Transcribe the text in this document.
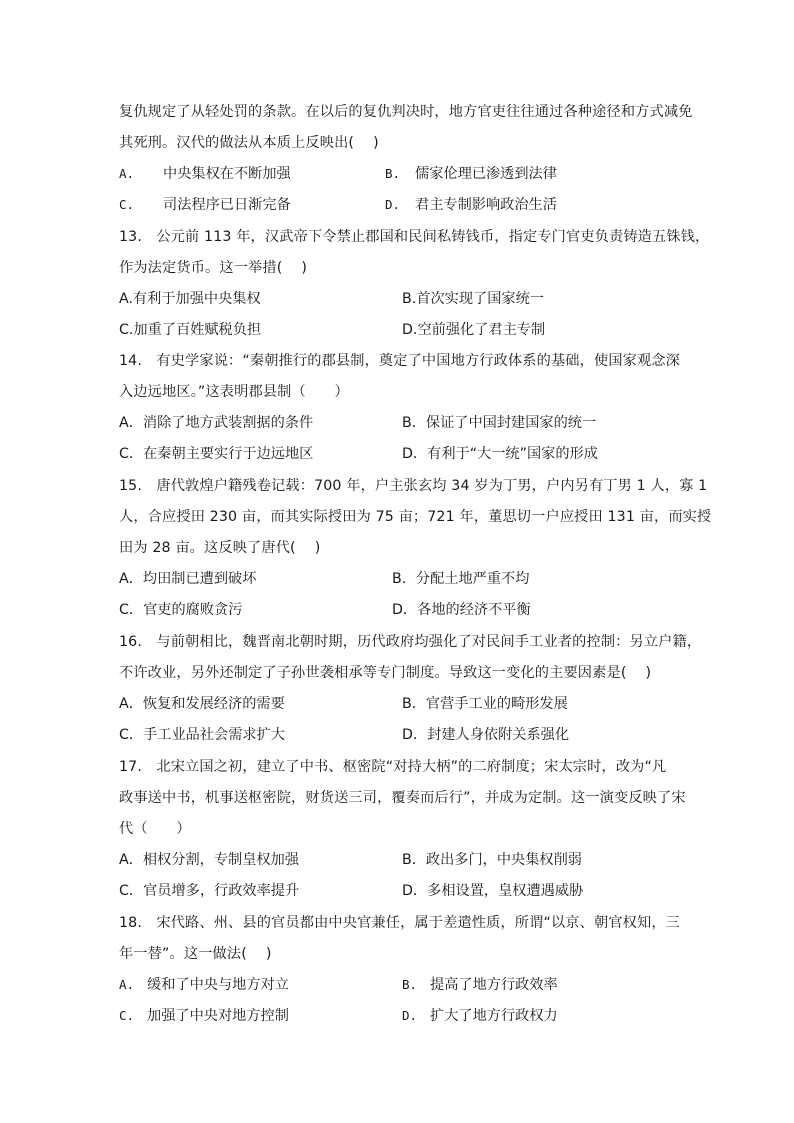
复仇规定了从轻处罚的条款。在以后的复仇判决时，地方官吏往往通过各种途径和方式减免
其死刑。汉代的做法从本质上反映出(　 )
A. 中央集权在不断加强	B. 儒家伦理已渗透到法律
C. 司法程序已日渐完备	D. 君主专制影响政治生活
13.　公元前 113 年，汉武帝下令禁止郡国和民间私铸钱币，指定专门官吏负责铸造五铢钱，
作为法定货币。这一举措(　 )
A.有利于加强中央集权	B.首次实现了国家统一
C.加重了百姓赋税负担	D.空前强化了君主专制
14.　有史学家说：“秦朝推行的郡县制，奠定了中国地方行政体系的基础，使国家观念深
入边远地区。”这表明郡县制（　　）
A．消除了地方武装割据的条件	B．保证了中国封建国家的统一
C．在秦朝主要实行于边远地区	D．有利于“大一统”国家的形成
15.　唐代敦煌户籍残卷记载：700 年，户主张玄均 34 岁为丁男，户内另有丁男 1 人，寡 1
人，合应授田 230 亩，而其实际授田为 75 亩；721 年，董思切一户应授田 131 亩，而实授
田为 28 亩。这反映了唐代(　 )
A．均田制已遭到破坏	B．分配土地严重不均
C．官吏的腐败贪污	D．各地的经济不平衡
16.　与前朝相比，魏晋南北朝时期，历代政府均强化了对民间手工业者的控制：另立户籍，
不许改业，另外还制定了子孙世袭相承等专门制度。导致这一变化的主要因素是(　 )
A．恢复和发展经济的需要	B．官营手工业的畸形发展
C．手工业品社会需求扩大	D．封建人身依附关系强化
17.　北宋立国之初，建立了中书、枢密院“对持大柄”的二府制度；宋太宗时，改为“凡
政事送中书，机事送枢密院，财货送三司，覆奏而后行”，并成为定制。这一演变反映了宋
代（　　）
A．相权分割，专制皇权加强	B．政出多门，中央集权削弱
C．官员增多，行政效率提升	D．多相设置，皇权遭遇威胁
18.　宋代路、州、县的官员都由中央官兼任，属于差遣性质，所谓“以京、朝官权知，三
年一替”。这一做法(　 )
A. 缓和了中央与地方对立	B. 提高了地方行政效率
C. 加强了中央对地方控制	D. 扩大了地方行政权力
